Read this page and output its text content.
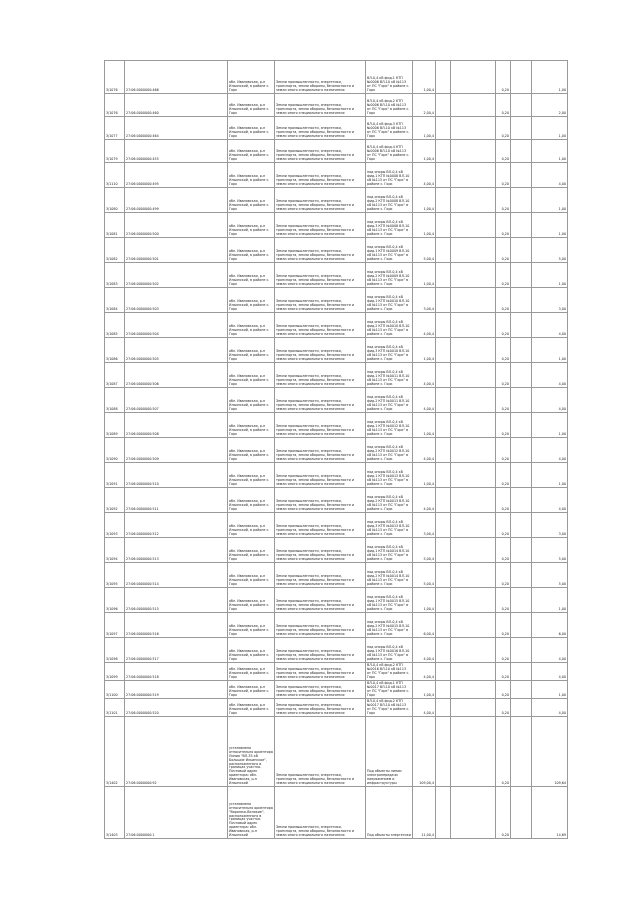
3/1076	27:06:0000000:466	обл. Ивановская, р-н Ильинский, в районе с. Горк	Земли промышленности, энергетики, транспорта, земли обороны, безопасности и земли иного специального назначения	ВЛ-0,4 кВ фид.1 КТП №0006 ВЛ-10 кВ №113 от ПС "Горк" в районе с. Горк	1,00,4			0,20		1,00
3/1076	27:06:0000000:460	обл. Ивановская, р-н Ильинский, в районе с. Горк	Земли промышленности, энергетики, транспорта, земли обороны, безопасности и земли иного специального назначения	ВЛ-0,4 кВ фид.2 КТП №0006 ВЛ-10 кВ №113 от ПС "Горк" в районе с. Горк	2,00,4			0,20		2,00
3/1077	27:06:0000000:464	обл. Ивановская, р-н Ильинский, в районе с. Горк	Земли промышленности, энергетики, транспорта, земли обороны, безопасности и земли иного специального назначения	ВЛ-0,4 кВ фид.3 КТП №0006 ВЛ-10 кВ №113 от ПС "Горк" в районе с. Горк	1,00,4			0,20		1,00
3/1079	27:06:0000000:455	обл. Ивановская, р-н Ильинский, в районе с. Горк	Земли промышленности, энергетики, транспорта, земли обороны, безопасности и земли иного специального назначения	ВЛ-0,4 кВ фид.4 КТП №0006 ВЛ-10 кВ №113 от ПС "Горк" в районе с. Горк	1,00,4			0,20		1,00
3/1110	27:06:0000000:495	обл. Ивановская, р-н Ильинский, в районе с. Горк	Земли промышленности, энергетики, транспорта, земли обороны, безопасности и земли иного специального назначения	под опоры ВЛ-0,4 кВ фид.1 КТП №0008 ВЛ-10 кВ №113 от ПС "Горк" в районе с. Горк	4,00,4			0,20		4,00
3/1080	27:06:0000000:499	обл. Ивановская, р-н Ильинский, в районе с. Горк	Земли промышленности, энергетики, транспорта, земли обороны, безопасности и земли иного специального назначения	под опоры ВЛ-0,4 кВ фид.2 КТП №0008 ВЛ-10 кВ №113 от ПС "Горк" в районе с. Горк	1,00,4			0,20		1,00
3/1081	27:06:0000000:500	обл. Ивановская, р-н Ильинский, в районе с. Горк	Земли промышленности, энергетики, транспорта, земли обороны, безопасности и земли иного специального назначения	под опоры ВЛ-0,4 кВ фид.3 КТП №0008 ВЛ-10 кВ №113 от ПС "Горк" в районе с. Горк	1,00,4			0,20		1,00
3/1082	27:06:0000000:501	обл. Ивановская, р-н Ильинский, в районе с. Горк	Земли промышленности, энергетики, транспорта, земли обороны, безопасности и земли иного специального назначения	под опоры ВЛ-0,4 кВ фид.1 КТП №0009 ВЛ-10 кВ №113 от ПС "Горк" в районе с. Горк	5,00,4			0,20		5,00
3/1083	27:06:0000000:502	обл. Ивановская, р-н Ильинский, в районе с. Горк	Земли промышленности, энергетики, транспорта, земли обороны, безопасности и земли иного специального назначения	под опоры ВЛ-0,4 кВ фид.2 КТП №0009 ВЛ-10 кВ №113 от ПС "Горк" в районе с. Горк	1,00,4			0,20		1,00
3/1084	27:06:0000000:503	обл. Ивановская, р-н Ильинский, в районе с. Горк	Земли промышленности, энергетики, транспорта, земли обороны, безопасности и земли иного специального назначения	под опоры ВЛ-0,4 кВ фид.1 КТП №0010 ВЛ-10 кВ №113 от ПС "Горк" в районе с. Горк	3,00,4			0,20		3,00
3/1085	27:06:0000000:504	обл. Ивановская, р-н Ильинский, в районе с. Горк	Земли промышленности, энергетики, транспорта, земли обороны, безопасности и земли иного специального назначения	под опоры ВЛ-0,4 кВ фид.2 КТП №0010 ВЛ-10 кВ №113 от ПС "Горк" в районе с. Горк	4,00,4			0,20		4,00
3/1086	27:06:0000000:505	обл. Ивановская, р-н Ильинский, в районе с. Горк	Земли промышленности, энергетики, транспорта, земли обороны, безопасности и земли иного специального назначения	под опоры ВЛ-0,4 кВ фид.3 КТП №0010 ВЛ-10 кВ №113 от ПС "Горк" в районе с. Горк	1,00,4			0,20		1,00
3/1087	27:06:0000000:506	обл. Ивановская, р-н Ильинский, в районе с. Горк	Земли промышленности, энергетики, транспорта, земли обороны, безопасности и земли иного специального назначения	под опоры ВЛ-0,4 кВ фид.1 КТП №0011 ВЛ-10 кВ №113 от ПС "Горк" в районе с. Горк	4,00,4			0,20		4,00
3/1088	27:06:0000000:507	обл. Ивановская, р-н Ильинский, в районе с. Горк	Земли промышленности, энергетики, транспорта, земли обороны, безопасности и земли иного специального назначения	под опоры ВЛ-0,4 кВ фид.2 КТП №0011 ВЛ-10 кВ №113 от ПС "Горк" в районе с. Горк	4,00,4			0,20		4,00
3/1089	27:06:0000000:508	обл. Ивановская, р-н Ильинский, в районе с. Горк	Земли промышленности, энергетики, транспорта, земли обороны, безопасности и земли иного специального назначения	под опоры ВЛ-0,4 кВ фид.1 КТП №0012 ВЛ-10 кВ №113 от ПС "Горк" в районе с. Горк	1,00,4			0,20		1,00
3/1090	27:06:0000000:509	обл. Ивановская, р-н Ильинский, в районе с. Горк	Земли промышленности, энергетики, транспорта, земли обороны, безопасности и земли иного специального назначения	под опоры ВЛ-0,4 кВ фид.2 КТП №0012 ВЛ-10 кВ №113 от ПС "Горк" в районе с. Горк	4,00,4			0,20		4,00
3/1091	27:06:0000000:510	обл. Ивановская, р-н Ильинский, в районе с. Горк	Земли промышленности, энергетики, транспорта, земли обороны, безопасности и земли иного специального назначения	под опоры ВЛ-0,4 кВ фид.1 КТП №0013 ВЛ-10 кВ №113 от ПС "Горк" в районе с. Горк	1,00,4			0,20		1,00
3/1092	27:06:0000000:511	обл. Ивановская, р-н Ильинский, в районе с. Горк	Земли промышленности, энергетики, транспорта, земли обороны, безопасности и земли иного специального назначения	под опоры ВЛ-0,4 кВ фид.2 КТП №0013 ВЛ-10 кВ №113 от ПС "Горк" в районе с. Горк	4,00,4			0,20		4,00
3/1093	27:06:0000000:512	обл. Ивановская, р-н Ильинский, в районе с. Горк	Земли промышленности, энергетики, транспорта, земли обороны, безопасности и земли иного специального назначения	под опоры ВЛ-0,4 кВ фид.3 КТП №0013 ВЛ-10 кВ №113 от ПС "Горк" в районе с. Горк	3,00,4			0,20		3,00
3/1094	27:06:0000000:513	обл. Ивановская, р-н Ильинский, в районе с. Горк	Земли промышленности, энергетики, транспорта, земли обороны, безопасности и земли иного специального назначения	под опоры ВЛ-0,4 кВ фид.1 КТП №0014 ВЛ-10 кВ №113 от ПС "Горк" в районе с. Горк	5,00,4			0,20		5,00
3/1095	27:06:0000000:514	обл. Ивановская, р-н Ильинский, в районе с. Горк	Земли промышленности, энергетики, транспорта, земли обороны, безопасности и земли иного специального назначения	под опоры ВЛ-0,4 кВ фид.2 КТП №0014 ВЛ-10 кВ №113 от ПС "Горк" в районе с. Горк	5,00,4			0,20		5,00
3/1096	27:06:0000000:515	обл. Ивановская, р-н Ильинский, в районе с. Горк	Земли промышленности, энергетики, транспорта, земли обороны, безопасности и земли иного специального назначения	под опоры ВЛ-0,4 кВ фид.1 КТП №0015 ВЛ-10 кВ №113 от ПС "Горк" в районе с. Горк	1,00,4			0,20		1,00
3/1097	27:06:0000000:516	обл. Ивановская, р-н Ильинский, в районе с. Горк	Земли промышленности, энергетики, транспорта, земли обороны, безопасности и земли иного специального назначения	под опоры ВЛ-0,4 кВ фид.2 КТП №0015 ВЛ-10 кВ №113 от ПС "Горк" в районе с. Горк	6,00,4			0,20		6,00
3/1098	27:06:0000000:517	обл. Ивановская, р-н Ильинский, в районе с. Горк	Земли промышленности, энергетики, транспорта, земли обороны, безопасности и земли иного специального назначения	под опоры ВЛ-0,4 кВ фид.1 КТП №0016 ВЛ-10 кВ №113 от ПС "Горк" в районе с. Горк	4,00,4			0,20		4,00
3/1099	27:06:0000000:518	обл. Ивановская, р-н Ильинский, в районе с. Горк	Земли промышленности, энергетики, транспорта, земли обороны, безопасности и земли иного специального назначения	ВЛ-0,4 кВ фид.2 КТП №0016 ВЛ-10 кВ №113 от ПС "Горк" в районе с. Горк	4,00,4			0,20		4,00
3/1100	27:06:0000000:519	обл. Ивановская, р-н Ильинский, в районе с. Горк	Земли промышленности, энергетики, транспорта, земли обороны, безопасности и земли иного специального назначения	ВЛ-0,4 кВ фид.1 КТП №0017 ВЛ-10 кВ №113 от ПС "Горк" в районе с. Горк	1,00,4			0,20		1,00
3/1101	27:06:0000000:520	обл. Ивановская, р-н Ильинский, в районе с. Горк	Земли промышленности, энергетики, транспорта, земли обороны, безопасности и земли иного специального назначения	ВЛ-0,4 кВ фид.2 КТП №0017 ВЛ-10 кВ №113 от ПС "Горк" в районе с. Горк	4,00,4			0,20		4,00
3/1402	27:06:0000000:92	установлено относительно ориентира Линия "ВЛ-35 кВ Большие Ильинское", расположенного в границах участка. Почтовый адрес ориентира: обл. Ивановская, р-н Ильинский	Земли промышленности, энергетики, транспорта, земли обороны, безопасности и земли иного специального назначения	Под объекты линии электропередачи напряжением и инфраструктуры	109,00,4			0,20		109,64
3/1403	27:06:0000000:1	установлено относительно ориентира "Воронеж-Великие", расположенного в границах участка. Почтовый адрес ориентира: обл. Ивановская, р-н Ильинский	Земли промышленности, энергетики, транспорта, земли обороны, безопасности и земли иного специального назначения	Под объекты энергетики	11,00,4			0,20		14,69
